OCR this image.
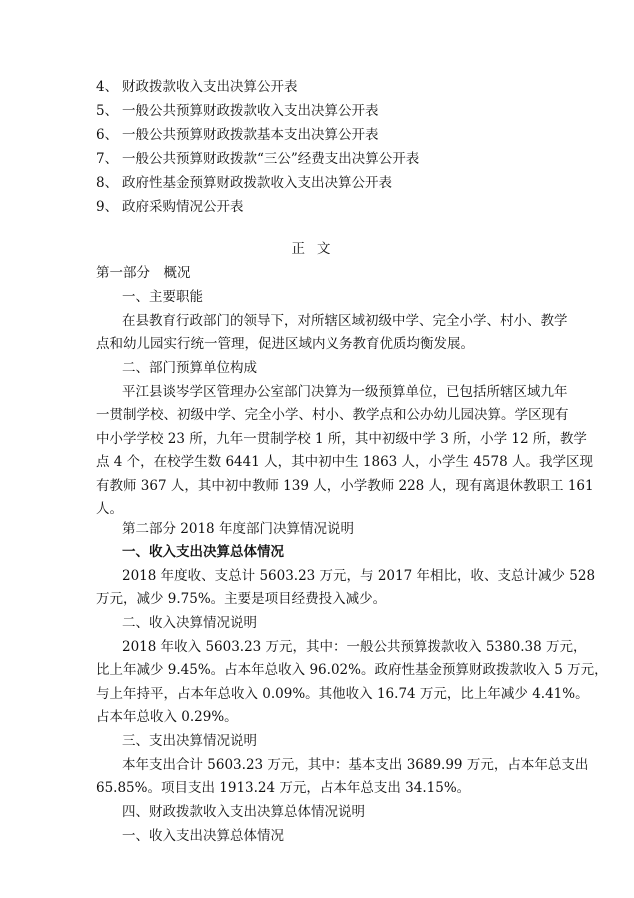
4、 财政拨款收入支出决算公开表
5、 一般公共预算财政拨款收入支出决算公开表
6、 一般公共预算财政拨款基本支出决算公开表
7、 一般公共预算财政拨款“三公”经费支出决算公开表
8、 政府性基金预算财政拨款收入支出决算公开表
9、 政府采购情况公开表
正文
第一部分　概况
一、主要职能
在县教育行政部门的领导下，对所辖区域初级中学、完全小学、村小、教学
点和幼儿园实行统一管理，促进区域内义务教育优质均衡发展。
二、部门预算单位构成
平江县谈岑学区管理办公室部门决算为一级预算单位，已包括所辖区域九年
一贯制学校、初级中学、完全小学、村小、教学点和公办幼儿园决算。学区现有
中小学学校 23 所，九年一贯制学校 1 所，其中初级中学 3 所，小学 12 所，教学
点 4 个，在校学生数 6441 人，其中初中生 1863 人，小学生 4578 人。我学区现
有教师 367 人，其中初中教师 139 人，小学教师 228 人，现有离退休教职工 161
人。
第二部分 2018 年度部门决算情况说明
一、收入支出决算总体情况
2018 年度收、支总计 5603.23 万元，与 2017 年相比，收、支总计减少 528
万元，减少 9.75%。主要是项目经费投入减少。
二、收入决算情况说明
2018 年收入 5603.23 万元，其中：一般公共预算拨款收入 5380.38 万元，
比上年减少 9.45%。占本年总收入 96.02%。政府性基金预算财政拨款收入 5 万元，
与上年持平，占本年总收入 0.09%。其他收入 16.74 万元，比上年减少 4.41%。
占本年总收入 0.29%。
三、支出决算情况说明
本年支出合计 5603.23 万元，其中：基本支出 3689.99 万元，占本年总支出
65.85%。项目支出 1913.24 万元，占本年总支出 34.15%。
四、财政拨款收入支出决算总体情况说明
一、收入支出决算总体情况
